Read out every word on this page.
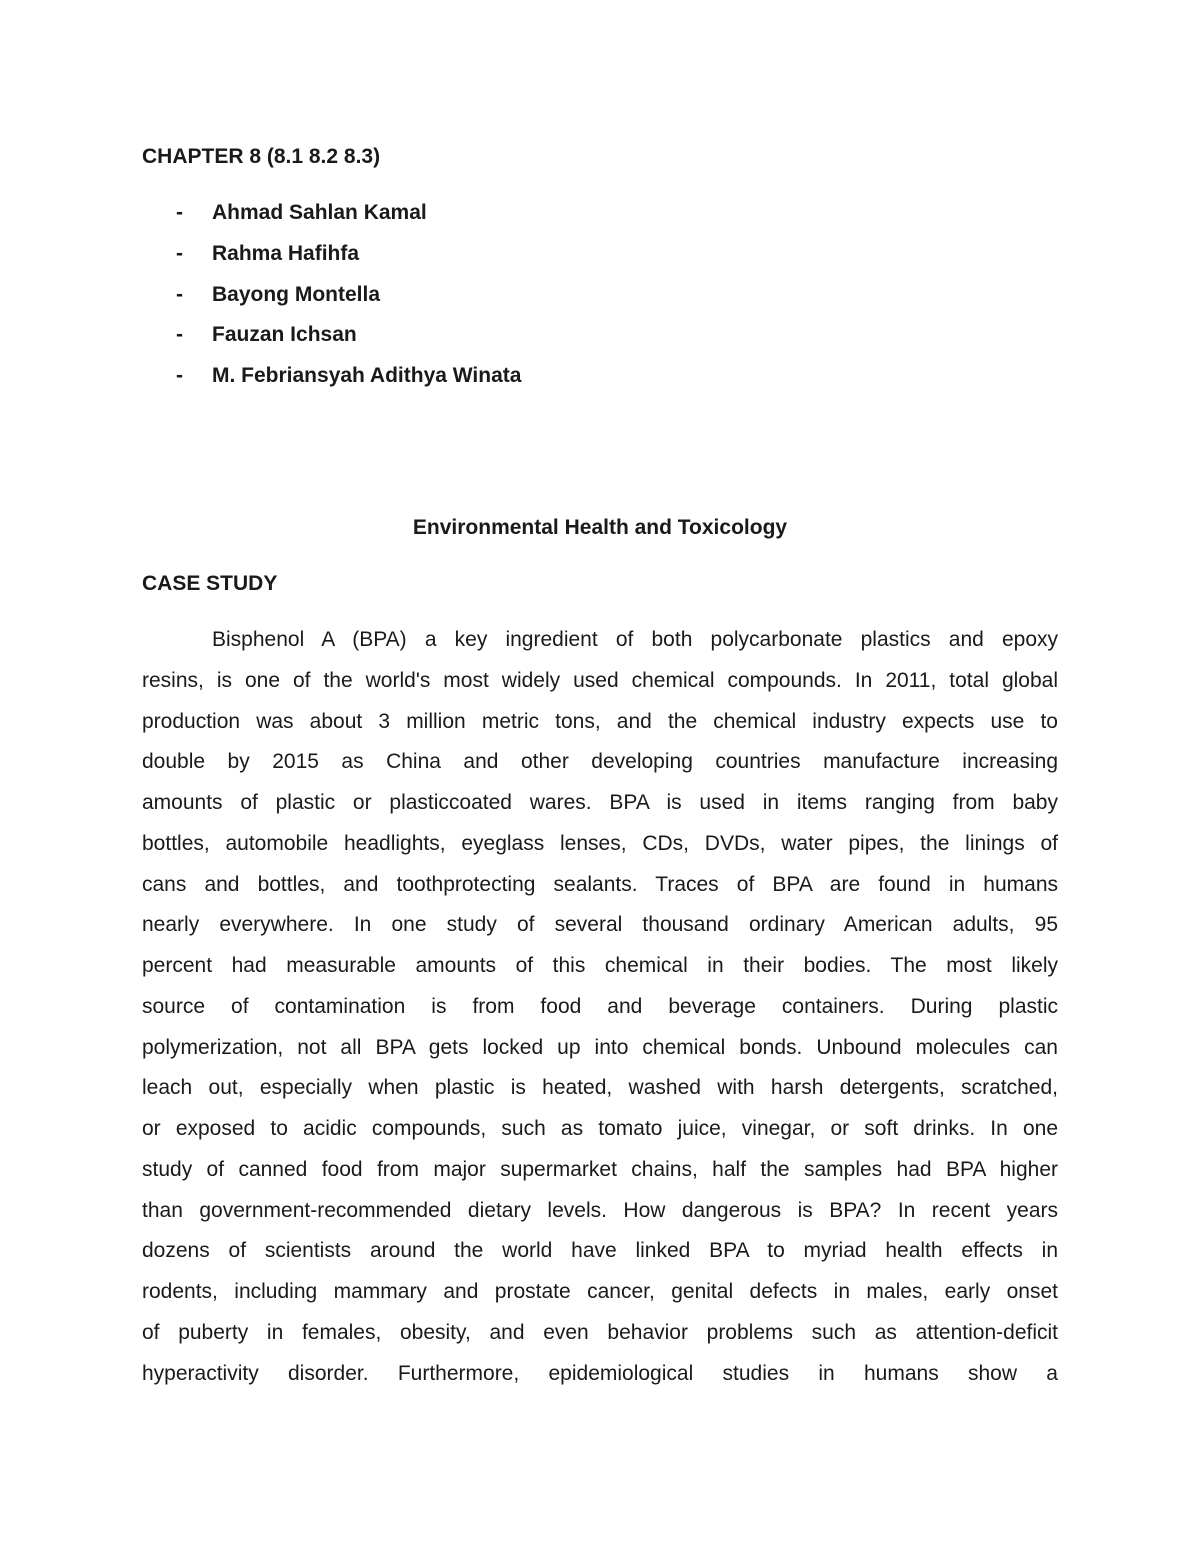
CHAPTER 8 (8.1 8.2 8.3)
-	Ahmad Sahlan Kamal
-	Rahma Hafihfa
-	Bayong Montella
-	Fauzan Ichsan
-	M. Febriansyah Adithya Winata
Environmental Health and Toxicology
CASE STUDY
Bisphenol A (BPA) a key ingredient of both polycarbonate plastics and epoxy
resins, is one of the world's most widely used chemical compounds. In 2011, total global
production was about 3 million metric tons, and the chemical industry expects use to
double by 2015 as China and other developing countries manufacture increasing
amounts of plastic or plasticcoated wares. BPA is used in items ranging from baby
bottles, automobile headlights, eyeglass lenses, CDs, DVDs, water pipes, the linings of
cans and bottles, and toothprotecting sealants. Traces of BPA are found in humans
nearly everywhere. In one study of several thousand ordinary American adults, 95
percent had measurable amounts of this chemical in their bodies. The most likely
source of contamination is from food and beverage containers. During plastic
polymerization, not all BPA gets locked up into chemical bonds. Unbound molecules can
leach out, especially when plastic is heated, washed with harsh detergents, scratched,
or exposed to acidic compounds, such as tomato juice, vinegar, or soft drinks. In one
study of canned food from major supermarket chains, half the samples had BPA higher
than government-recommended dietary levels. How dangerous is BPA? In recent years
dozens of scientists around the world have linked BPA to myriad health effects in
rodents, including mammary and prostate cancer, genital defects in males, early onset
of puberty in females, obesity, and even behavior problems such as attention-deficit
hyperactivity disorder. Furthermore, epidemiological studies in humans show a
